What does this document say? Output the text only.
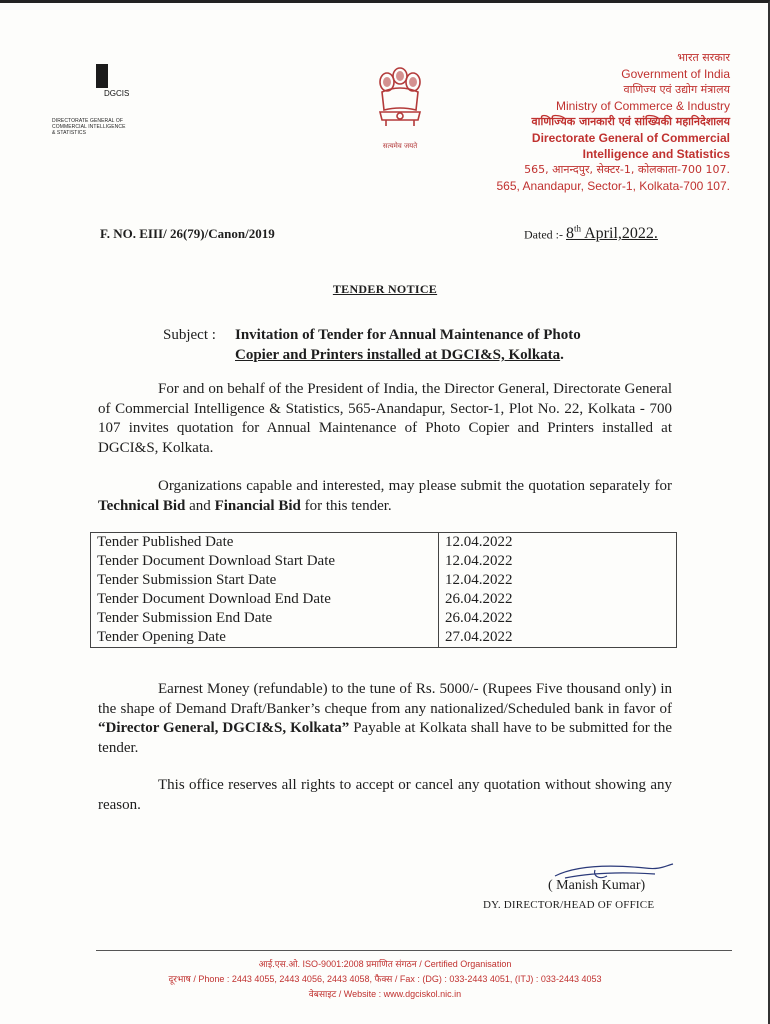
DGCIS
DIRECTORATE GENERAL OF
COMMERCIAL INTELLIGENCE
& STATISTICS
सत्यमेव जयते
भारत सरकार
Government of India
वाणिज्य एवं उद्योग मंत्रालय
Ministry of Commerce & Industry
वाणिज्यिक जानकारी एवं सांख्यिकी महानिदेशालय
Directorate General of Commercial
Intelligence and Statistics
565, आनन्दपुर, सेक्टर-1, कोलकाता-700 107.
565, Anandapur, Sector-1, Kolkata-700 107.
F. NO. EIII/ 26(79)/Canon/2019	Dated :- 8th April,2022.
TENDER NOTICE
Subject : Invitation of Tender for Annual Maintenance of Photo
Copier and Printers installed at DGCI&S, Kolkata.
For and on behalf of the President of India, the Director General, Directorate General of Commercial Intelligence & Statistics, 565-Anandapur, Sector-1, Plot No. 22, Kolkata - 700 107 invites quotation for Annual Maintenance of Photo Copier and Printers installed at DGCI&S, Kolkata.
Organizations capable and interested, may please submit the quotation separately for Technical Bid and Financial Bid for this tender.
Tender Published Date	12.04.2022
Tender Document Download Start Date	12.04.2022
Tender Submission Start Date	12.04.2022
Tender Document Download End Date	26.04.2022
Tender Submission End Date	26.04.2022
Tender Opening Date	27.04.2022
Earnest Money (refundable) to the tune of Rs. 5000/- (Rupees Five thousand only) in the shape of Demand Draft/Banker’s cheque from any nationalized/Scheduled bank in favor of “Director General, DGCI&S, Kolkata” Payable at Kolkata shall have to be submitted for the tender.
This office reserves all rights to accept or cancel any quotation without showing any reason.
( Manish Kumar)
DY. DIRECTOR/HEAD OF OFFICE
आई.एस.ओ. ISO-9001:2008 प्रमाणित संगठन / Certified Organisation
दूरभाष / Phone : 2443 4055, 2443 4056, 2443 4058, फैक्स / Fax : (DG) : 033-2443 4051, (ITJ) : 033-2443 4053
वेबसाइट / Website : www.dgciskol.nic.in
